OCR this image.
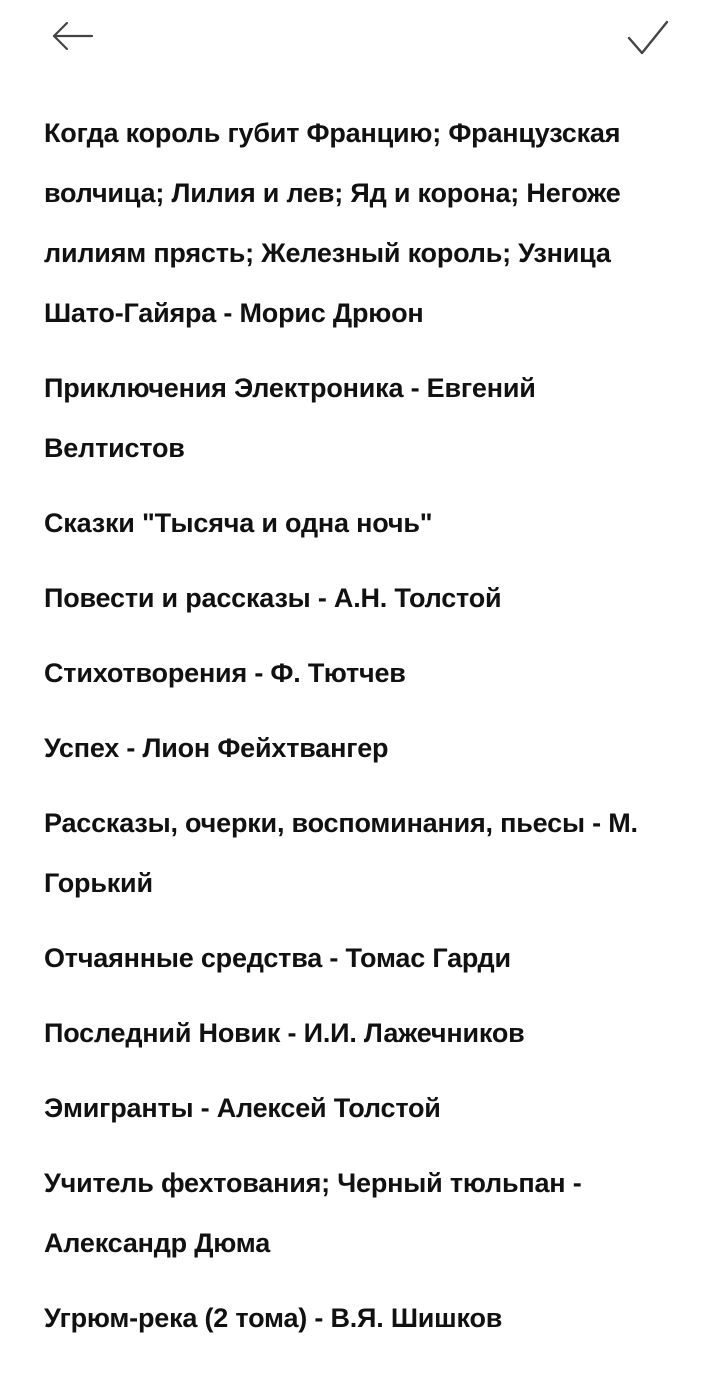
Когда король губит Францию; Французская волчица; Лилия и лев; Яд и корона; Негоже лилиям прясть; Железный король; Узница Шато-Гайяра - Морис Дрюон
Приключения Электроника - Евгений Велтистов
Сказки "Тысяча и одна ночь"
Повести и рассказы - А.Н. Толстой
Стихотворения - Ф. Тютчев
Успех - Лион Фейхтвангер
Рассказы, очерки, воспоминания, пьесы - М. Горький
Отчаянные средства - Томас Гарди
Последний Новик - И.И. Лажечников
Эмигранты - Алексей Толстой
Учитель фехтования; Черный тюльпан - Александр Дюма
Угрюм-река (2 тома) - В.Я. Шишков
